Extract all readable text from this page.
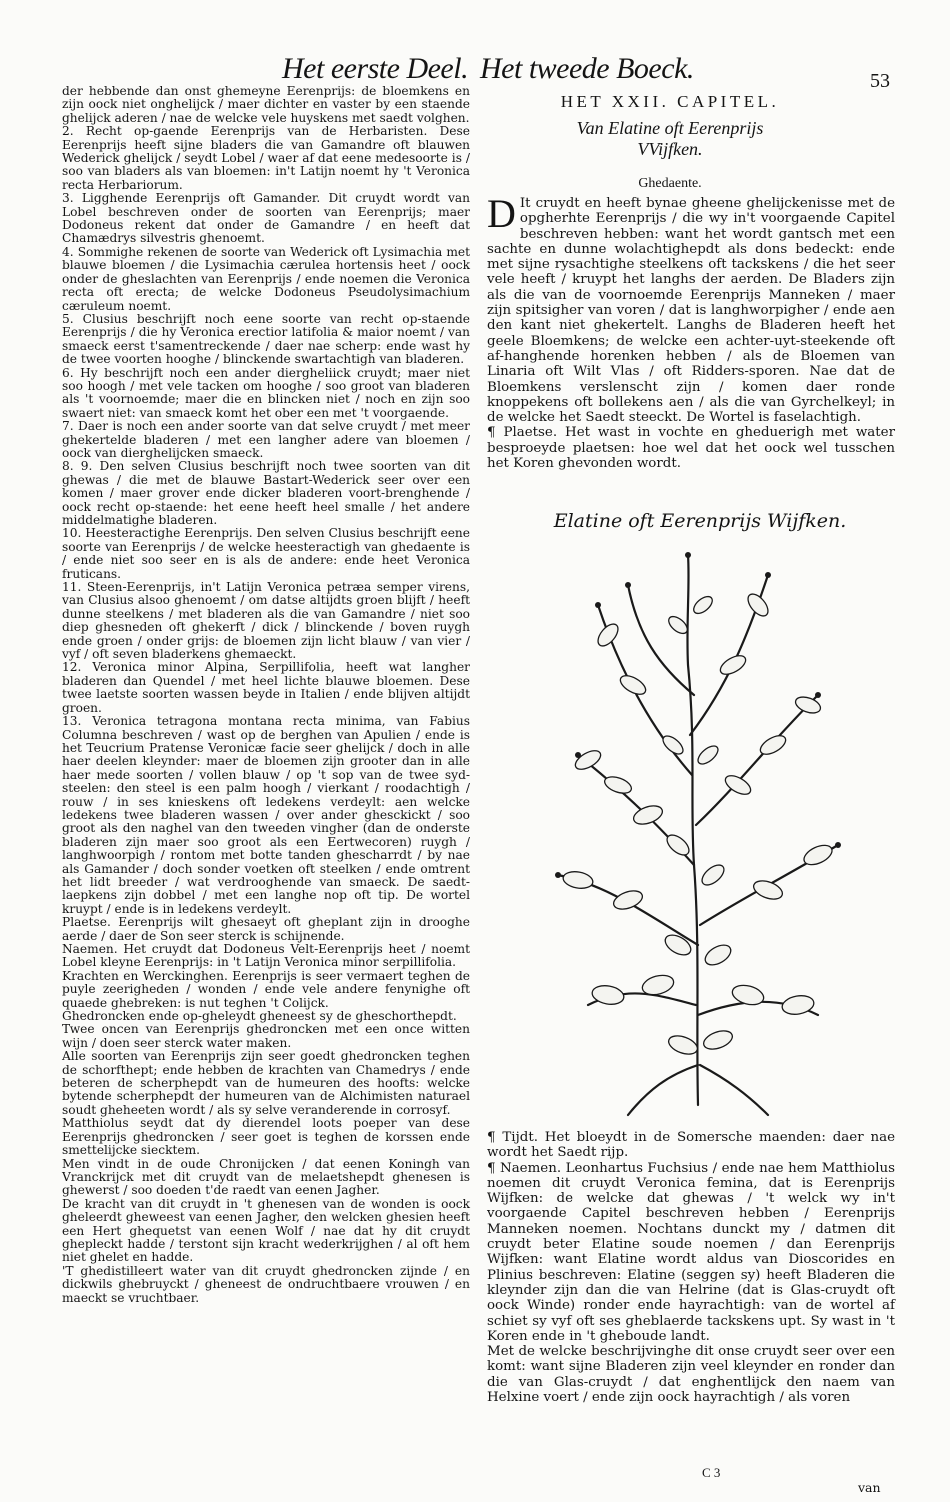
Het eerste Deel. Het tweede Boeck.	53

der hebbende dan onst ghemeyne Eerenprijs: de bloemkens en zijn oock niet onghelijck / maer dichter en vaster by een staende ghelijck aderen / nae de welcke vele huyskens met saedt volghen.

2. Recht op-gaende Eerenprijs van de Herbaristen. Dese Eerenprijs heeft sijne bladers die van Gamandre oft blauwen Wederick ghelijck / seydt Lobel / waer af dat eene medesoorte is / soo van bladers als van bloemen: in't Latijn noemt hy 't Veronica recta Herbariorum.

3. Ligghende Eerenprijs oft Gamander. Dit cruydt wordt van Lobel beschreven onder de soorten van Eerenprijs; maer Dodoneus rekent dat onder de Gamandre / en heeft dat Chamædrys silvestris ghenoemt.

4. Sommighe rekenen de soorte van Wederick oft Lysimachia met blauwe bloemen / die Lysimachia cærulea hortensis heet / oock onder de gheslachten van Eerenprijs / ende noemen die Veronica recta oft erecta; de welcke Dodoneus Pseudolysimachium cæruleum noemt.

5. Clusius beschrijft noch eene soorte van recht op-staende Eerenprijs / die hy Veronica erectior latifolia & maior noemt / van smaeck eerst t'samentreckende / daer nae scherp: ende wast hy de twee voorten hooghe / blinckende swartachtigh van bladeren.

6. Hy beschrijft noch een ander diergheliick cruydt; maer niet soo hoogh / met vele tacken om hooghe / soo groot van bladeren als 't voornoemde; maer die en blincken niet / noch en zijn soo swaert niet: van smaeck komt het ober een met 't voorgaende.

7. Daer is noch een ander soorte van dat selve cruydt / met meer ghekertelde bladeren / met een langher adere van bloemen / oock van dierghelijcken smaeck.

8. 9. Den selven Clusius beschrijft noch twee soorten van dit ghewas / die met de blauwe Bastart-Wederick seer over een komen / maer grover ende dicker bladeren voort-brenghende / oock recht op-staende: het eene heeft heel smalle / het andere middelmatighe bladeren.

10. Heesteractighe Eerenprijs. Den selven Clusius beschrijft eene soorte van Eerenprijs / de welcke heesteractigh van ghedaente is / ende niet soo seer en is als de andere: ende heet Veronica fruticans.

11. Steen-Eerenprijs, in't Latijn Veronica petræa semper virens, van Clusius alsoo ghenoemt / om datse altijdts groen blijft / heeft dunne steelkens / met bladeren als die van Gamandre / niet soo diep ghesneden oft ghekerft / dick / blinckende / boven ruygh ende groen / onder grijs: de bloemen zijn licht blauw / van vier / vyf / oft seven bladerkens ghemaeckt.

12. Veronica minor Alpina, Serpillifolia, heeft wat langher bladeren dan Quendel / met heel lichte blauwe bloemen. Dese twee laetste soorten wassen beyde in Italien / ende blijven altijdt groen.

13. Veronica tetragona montana recta minima, van Fabius Columna beschreven / wast op de berghen van Apulien / ende is het Teucrium Pratense Veronicæ facie seer ghelijck / doch in alle haer deelen kleynder: maer de bloemen zijn grooter dan in alle haer mede soorten / vollen blauw / op 't sop van de twee syd-steelen: den steel is een palm hoogh / vierkant / roodachtigh / rouw / in ses knieskens oft ledekens verdeylt: aen welcke ledekens twee bladeren wassen / over ander ghesckickt / soo groot als den naghel van den tweeden vingher (dan de onderste bladeren zijn maer soo groot als een Eertwecoren) ruygh / langhwoorpigh / rontom met botte tanden ghescharrdt / by nae als Gamander / doch sonder voetken oft steelken / ende omtrent het lidt breeder / wat verdrooghende van smaeck. De saedt-laepkens zijn dobbel / met een langhe nop oft tip. De wortel kruypt / ende is in ledekens verdeylt.

Plaetse. Eerenprijs wilt ghesaeyt oft gheplant zijn in drooghe aerde / daer de Son seer sterck is schijnende.

Naemen. Het cruydt dat Dodoneus Velt-Eerenprijs heet / noemt Lobel kleyne Eerenprijs: in 't Latijn Veronica minor serpillifolia.

Krachten en Werckinghen. Eerenprijs is seer vermaert teghen de puyle zeerigheden / wonden / ende vele andere fenynighe oft quaede ghebreken: is nut teghen 't Colijck.

Ghedroncken ende op-gheleydt gheneest sy de gheschorthepdt.

Twee oncen van Eerenprijs ghedroncken met een once witten wijn / doen seer sterck water maken.

Alle soorten van Eerenprijs zijn seer goedt ghedroncken teghen de schorfthept; ende hebben de krachten van Chamedrys / ende beteren de scherphepdt van de humeuren des hoofts: welcke bytende scherphepdt der humeuren van de Alchimisten naturael soudt gheheeten wordt / als sy selve veranderende in corrosyf.

Matthiolus seydt dat dy dierendel loots poeper van dese Eerenprijs ghedroncken / seer goet is teghen de korssen ende smettelijcke siecktem.

Men vindt in de oude Chronijcken / dat eenen Koningh van Vranckrijck met dit cruydt van de melaetshepdt ghenesen is ghewerst / soo doeden t'de raedt van eenen Jagher.

De kracht van dit cruydt in 't ghenesen van de wonden is oock gheleerdt gheweest van eenen Jagher, den welcken ghesien heeft een Hert ghequetst van eenen Wolf / nae dat hy dit cruydt ghepleckt hadde / terstont sijn kracht wederkrijghen / al oft hem niet ghelet en hadde.

'T ghedistilleert water van dit cruydt ghedroncken zijnde / en dickwils ghebruyckt / gheneest de ondruchtbaere vrouwen / en maeckt se vruchtbaer.

HET XXII. CAPITEL.
Van Elatine oft Eerenprijs
VVijfken.
Ghedaente.

D It cruydt en heeft bynae gheene ghelijckenisse met de opgherhte Eerenprijs / die wy in't voorgaende Capitel beschreven hebben: want het wordt gantsch met een sachte en dunne wolachtighepdt als dons bedeckt: ende met sijne rysachtighe steelkens oft tackskens / die het seer vele heeft / kruypt het langhs der aerden. De Bladers zijn als die van de voornoemde Eerenprijs Manneken / maer zijn spitsigher van voren / dat is langhworpigher / ende aen den kant niet ghekertelt. Langhs de Bladeren heeft het geele Bloemkens; de welcke een achter-uyt-steekende oft af-hanghende horenken hebben / als de Bloemen van Linaria oft Wilt Vlas / oft Ridders-sporen. Nae dat de Bloemkens verslenscht zijn / komen daer ronde knoppekens oft bollekens aen / als die van Gyrchelkeyl; in de welcke het Saedt steeckt. De Wortel is faselachtigh.

¶ Plaetse. Het wast in vochte en gheduerigh met water besproeyde plaetsen: hoe wel dat het oock wel tusschen het Koren ghevonden wordt.

Elatine oft Eerenprijs Wijfken.

¶ Tijdt. Het bloeydt in de Somersche maenden: daer nae wordt het Saedt rijp.

¶ Naemen. Leonhartus Fuchsius / ende nae hem Matthiolus noemen dit cruydt Veronica femina, dat is Eerenprijs Wijfken: de welcke dat ghewas / 't welck wy in't voorgaende Capitel beschreven hebben / Eerenprijs Manneken noemen. Nochtans dunckt my / datmen dit cruydt beter Elatine soude noemen / dan Eerenprijs Wijfken: want Elatine wordt aldus van Dioscorides en Plinius beschreven: Elatine (seggen sy) heeft Bladeren die kleynder zijn dan die van Helrine (dat is Glas-cruydt oft oock Winde) ronder ende hayrachtigh: van de wortel af schiet sy vyf oft ses gheblaerde tackskens upt. Sy wast in 't Koren ende in 't gheboude landt.

Met de welcke beschrijvinghe dit onse cruydt seer over een komt: want sijne Bladeren zijn veel kleynder en ronder dan die van Glas-cruydt / dat enghentlijck den naem van Helxine voert / ende zijn oock hayrachtigh / als voren

C 3
van
